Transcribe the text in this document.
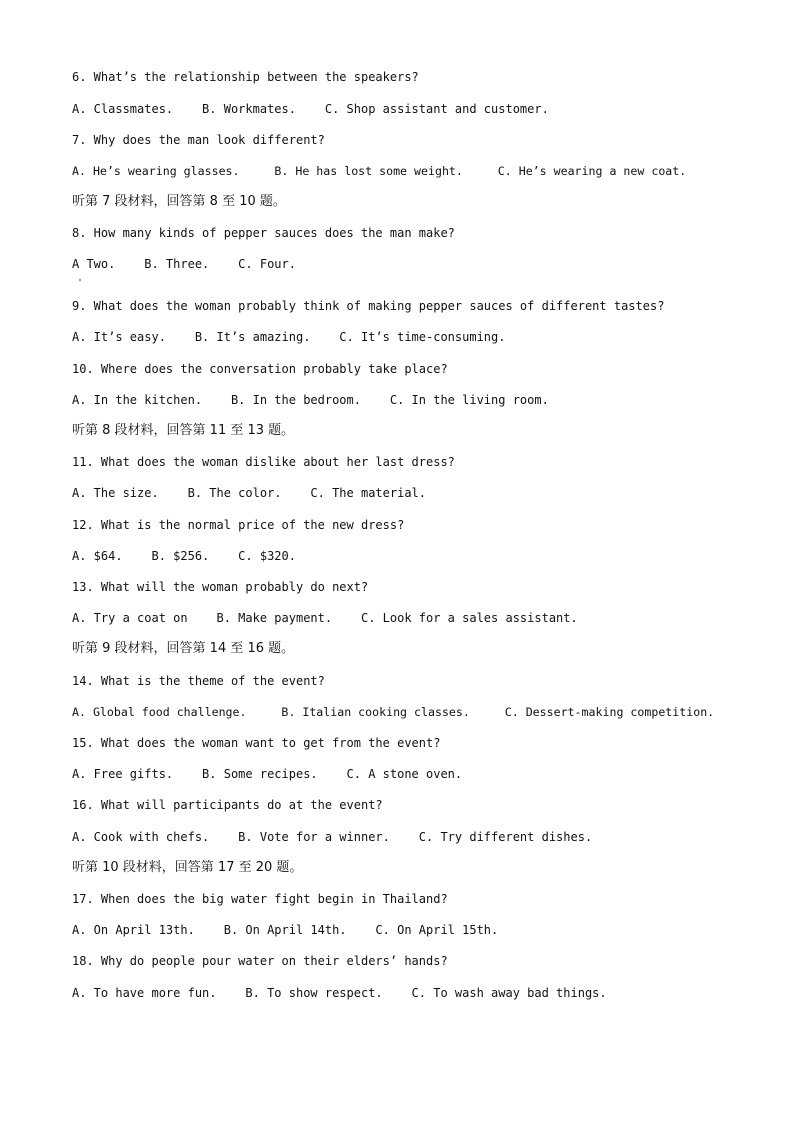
6. What’s the relationship between the speakers?
A. Classmates.    B. Workmates.    C. Shop assistant and customer.
7. Why does the man look different?
A. He’s wearing glasses.     B. He has lost some weight.     C. He’s wearing a new coat.
听第 7 段材料，回答第 8 至 10 题。
8. How many kinds of pepper sauces does the man make?
A Two.    B. Three.    C. Four.
9. What does the woman probably think of making pepper sauces of different tastes?
A. It’s easy.    B. It’s amazing.    C. It’s time-consuming.
10. Where does the conversation probably take place?
A. In the kitchen.    B. In the bedroom.    C. In the living room.
听第 8 段材料，回答第 11 至 13 题。
11. What does the woman dislike about her last dress?
A. The size.    B. The color.    C. The material.
12. What is the normal price of the new dress?
A. $64.    B. $256.    C. $320.
13. What will the woman probably do next?
A. Try a coat on    B. Make payment.    C. Look for a sales assistant.
听第 9 段材料，回答第 14 至 16 题。
14. What is the theme of the event?
A. Global food challenge.     B. Italian cooking classes.     C. Dessert-making competition.
15. What does the woman want to get from the event?
A. Free gifts.    B. Some recipes.    C. A stone oven.
16. What will participants do at the event?
A. Cook with chefs.    B. Vote for a winner.    C. Try different dishes.
听第 10 段材料，回答第 17 至 20 题。
17. When does the big water fight begin in Thailand?
A. On April 13th.    B. On April 14th.    C. On April 15th.
18. Why do people pour water on their elders’ hands?
A. To have more fun.    B. To show respect.    C. To wash away bad things.
